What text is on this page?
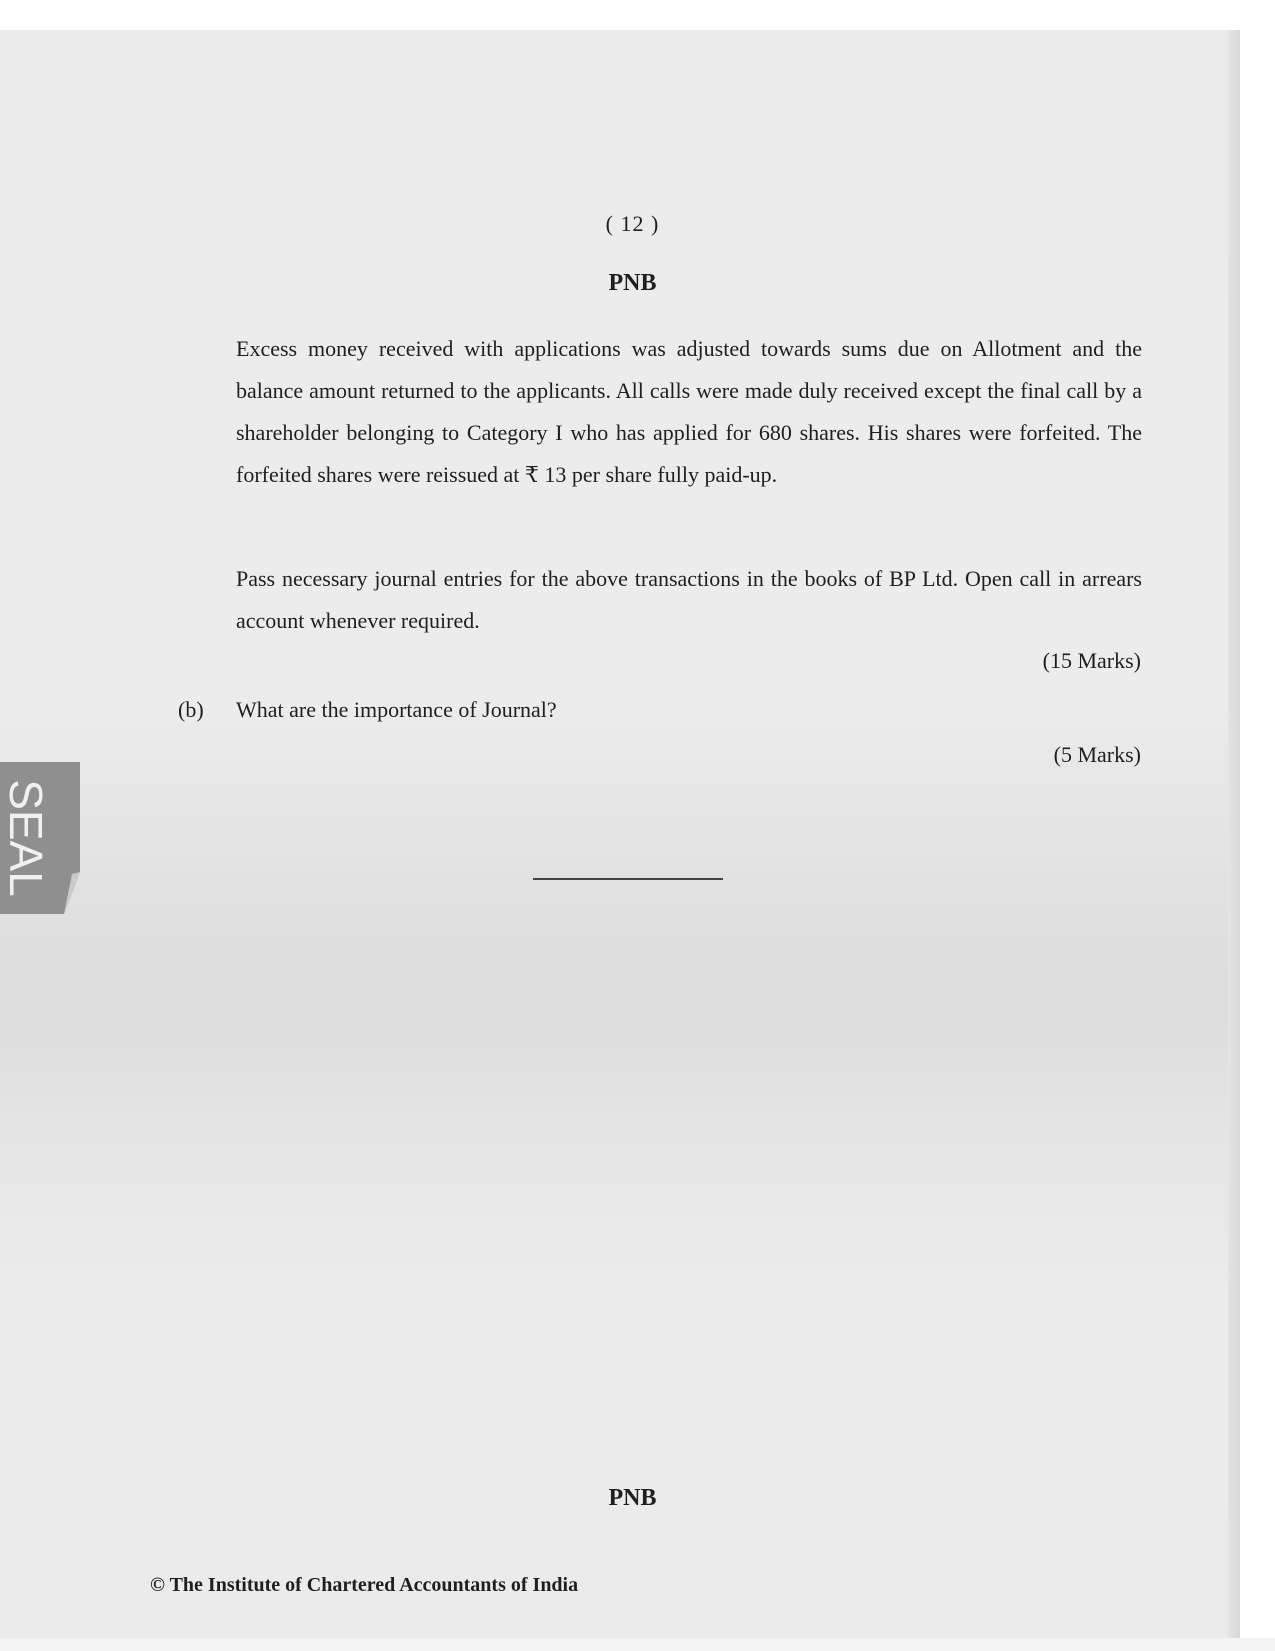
( 12 )
PNB

Excess money received with applications was adjusted towards sums due on Allotment and the balance amount returned to the applicants. All calls were made duly received except the final call by a shareholder belonging to Category I who has applied for 680 shares. His shares were forfeited. The forfeited shares were reissued at ₹ 13 per share fully paid-up.

Pass necessary journal entries for the above transactions in the books of BP Ltd. Open call in arrears account whenever required.

(15 Marks)
(b) What are the importance of Journal?
(5 Marks)
PNB
© The Institute of Chartered Accountants of India
SEAL
